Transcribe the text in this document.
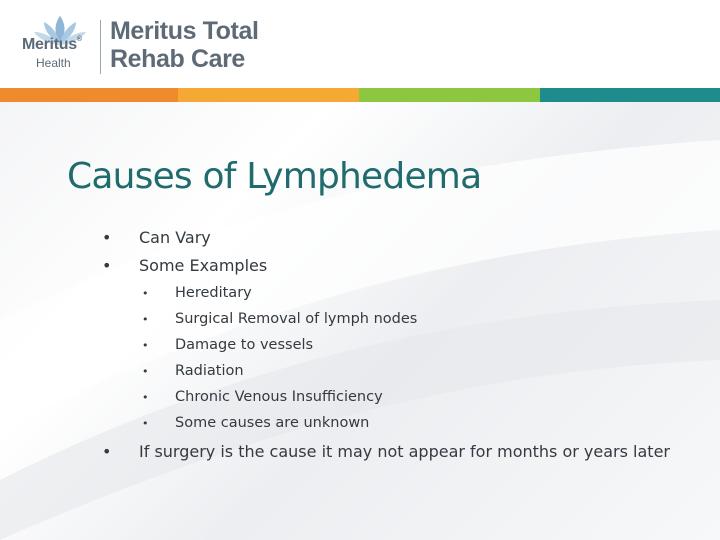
Meritus®
Health
Meritus Total
Rehab Care
Causes of Lymphedema
• Can Vary
• Some Examples
• Hereditary
• Surgical Removal of lymph nodes
• Damage to vessels
• Radiation
• Chronic Venous Insufficiency
• Some causes are unknown
• If surgery is the cause it may not appear for months or years later
